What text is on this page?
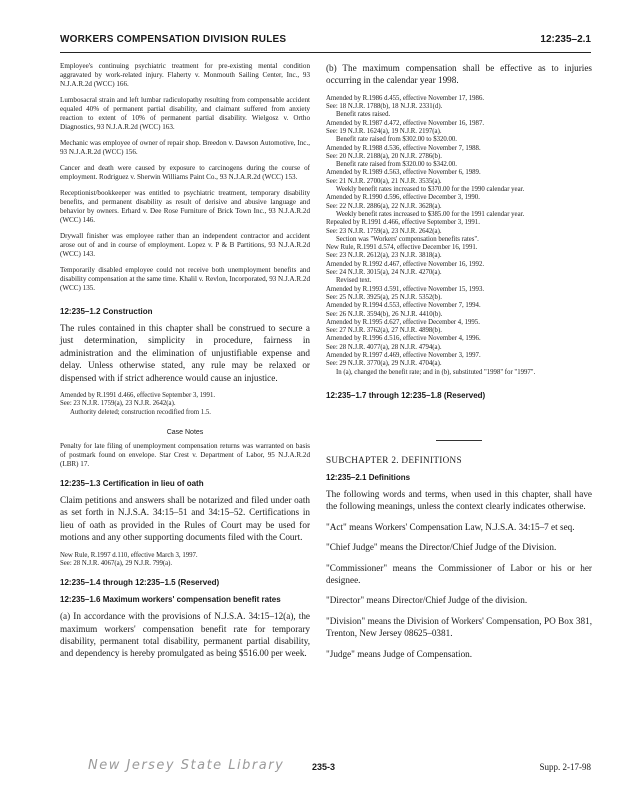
WORKERS COMPENSATION DIVISION RULES	12:235–2.1

Employee's continuing psychiatric treatment for pre-existing mental condition aggravated by work-related injury. Flaherty v. Monmouth Sailing Center, Inc., 93 N.J.A.R.2d (WCC) 166.

Lumbosacral strain and left lumbar radiculopathy resulting from compensable accident equaled 40% of permanent partial disability, and claimant suffered from anxiety reaction to extent of 10% of permanent partial disability. Wielgosz v. Ortho Diagnostics, 93 N.J.A.R.2d (WCC) 163.

Mechanic was employee of owner of repair shop. Breedon v. Dawson Automotive, Inc., 93 N.J.A.R.2d (WCC) 156.

Cancer and death were caused by exposure to carcinogens during the course of employment. Rodriguez v. Sherwin Williams Paint Co., 93 N.J.A.R.2d (WCC) 153.

Receptionist/bookkeeper was entitled to psychiatric treatment, temporary disability benefits, and permanent disability as result of derisive and abusive language and behavior by owners. Erhard v. Dee Rose Furniture of Brick Town Inc., 93 N.J.A.R.2d (WCC) 146.

Drywall finisher was employee rather than an independent contractor and accident arose out of and in course of employment. Lopez v. P & B Partitions, 93 N.J.A.R.2d (WCC) 143.

Temporarily disabled employee could not receive both unemployment benefits and disability compensation at the same time. Khalil v. Revlon, Incorporated, 93 N.J.A.R.2d (WCC) 135.

12:235–1.2 Construction

The rules contained in this chapter shall be construed to secure a just determination, simplicity in procedure, fairness in administration and the elimination of unjustifiable expense and delay. Unless otherwise stated, any rule may be relaxed or dispensed with if strict adherence would cause an injustice.

Amended by R.1991 d.466, effective September 3, 1991.
See: 23 N.J.R. 1759(a), 23 N.J.R. 2642(a).
Authority deleted; construction recodified from 1.5.
Case Notes

Penalty for late filing of unemployment compensation returns was warranted on basis of postmark found on envelope. Star Crest v. Department of Labor, 95 N.J.A.R.2d (LBR) 17.

12:235–1.3 Certification in lieu of oath

Claim petitions and answers shall be notarized and filed under oath as set forth in N.J.S.A. 34:15–51 and 34:15–52. Certifications in lieu of oath as provided in the Rules of Court may be used for motions and any other supporting documents filed with the Court.

New Rule, R.1997 d.110, effective March 3, 1997.
See: 28 N.J.R. 4067(a), 29 N.J.R. 799(a).
12:235–1.4 through 12:235–1.5 (Reserved)
12:235–1.6 Maximum workers' compensation benefit rates

(a) In accordance with the provisions of N.J.S.A. 34:15–12(a), the maximum workers' compensation benefit rate for temporary disability, permanent total disability, permanent partial disability, and dependency is hereby promulgated as being $516.00 per week.

(b) The maximum compensation shall be effective as to injuries occurring in the calendar year 1998.

Amended by R.1986 d.455, effective November 17, 1986.
See: 18 N.J.R. 1788(b), 18 N.J.R. 2331(d).
Benefit rates raised.
Amended by R.1987 d.472, effective November 16, 1987.
See: 19 N.J.R. 1624(a), 19 N.J.R. 2197(a).
Benefit rate raised from $302.00 to $320.00.
Amended by R.1988 d.536, effective November 7, 1988.
See: 20 N.J.R. 2188(a), 20 N.J.R. 2786(b).
Benefit rate raised from $320.00 to $342.00.
Amended by R.1989 d.563, effective November 6, 1989.
See: 21 N.J.R. 2700(a), 21 N.J.R. 3535(a).
Weekly benefit rates increased to $370.00 for the 1990 calendar year.
Amended by R.1990 d.596, effective December 3, 1990.
See: 22 N.J.R. 2886(a), 22 N.J.R. 3628(a).
Weekly benefit rates increased to $385.00 for the 1991 calendar year.
Repealed by R.1991 d.466, effective September 3, 1991.
See: 23 N.J.R. 1759(a), 23 N.J.R. 2642(a).
Section was "Workers' compensation benefits rates".
New Rule, R.1991 d.574, effective December 16, 1991.
See: 23 N.J.R. 2612(a), 23 N.J.R. 3818(a).
Amended by R.1992 d.467, effective November 16, 1992.
See: 24 N.J.R. 3015(a), 24 N.J.R. 4270(a).
Revised text.
Amended by R.1993 d.591, effective November 15, 1993.
See: 25 N.J.R. 3925(a), 25 N.J.R. 5352(b).
Amended by R.1994 d.553, effective November 7, 1994.
See: 26 N.J.R. 3594(b), 26 N.J.R. 4410(b).
Amended by R.1995 d.627, effective December 4, 1995.
See: 27 N.J.R. 3762(a), 27 N.J.R. 4898(b).
Amended by R.1996 d.516, effective November 4, 1996.
See: 28 N.J.R. 4077(a), 28 N.J.R. 4794(a).
Amended by R.1997 d.469, effective November 3, 1997.
See: 29 N.J.R. 3770(a), 29 N.J.R. 4704(a).
In (a), changed the benefit rate; and in (b), substituted "1998" for "1997".
12:235–1.7 through 12:235–1.8 (Reserved)
SUBCHAPTER 2. DEFINITIONS
12:235–2.1 Definitions

The following words and terms, when used in this chapter, shall have the following meanings, unless the context clearly indicates otherwise.

"Act" means Workers' Compensation Law, N.J.S.A. 34:15–7 et seq.

"Chief Judge" means the Director/Chief Judge of the Division.

"Commissioner" means the Commissioner of Labor or his or her designee.

"Director" means Director/Chief Judge of the division.

"Division" means the Division of Workers' Compensation, PO Box 381, Trenton, New Jersey 08625–0381.

"Judge" means Judge of Compensation.

New Jersey State Library	235-3	Supp. 2-17-98
